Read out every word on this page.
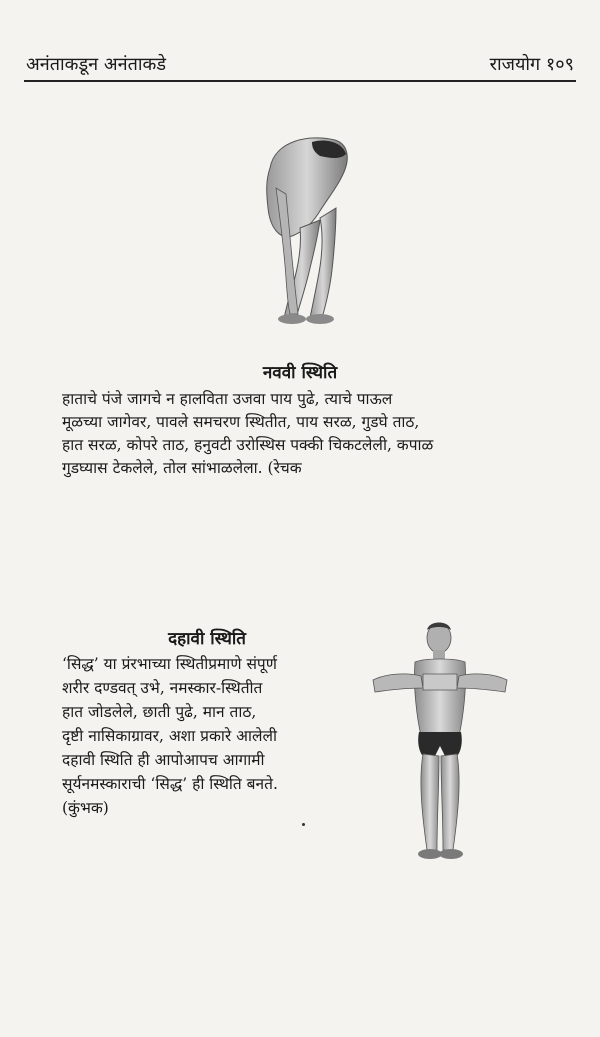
अनंताकडून अनंताकडे	राजयोग १०९
नववी स्थिति
हाताचे पंजे जागचे न हालविता उजवा पाय पुढे, त्याचे पाऊल
मूळच्या जागेवर, पावले समचरण स्थितीत, पाय सरळ, गुडघे ताठ,
हात सरळ, कोपरे ताठ, हनुवटी उरोस्थिस पक्की चिकटलेली, कपाळ
गुडघ्यास टेकलेले, तोल सांभाळलेला. (रेचक
दहावी स्थिति
‘सिद्ध’ या प्रंरभाच्या स्थितीप्रमाणे संपूर्ण
शरीर दण्डवत् उभे, नमस्कार-स्थितीत
हात जोडलेले, छाती पुढे, मान ताठ,
दृष्टी नासिकाग्रावर, अशा प्रकारे आलेली
दहावी स्थिति ही आपोआपच आगामी
सूर्यनमस्काराची ‘सिद्ध’ ही स्थिति बनते.
(कुंभक)
